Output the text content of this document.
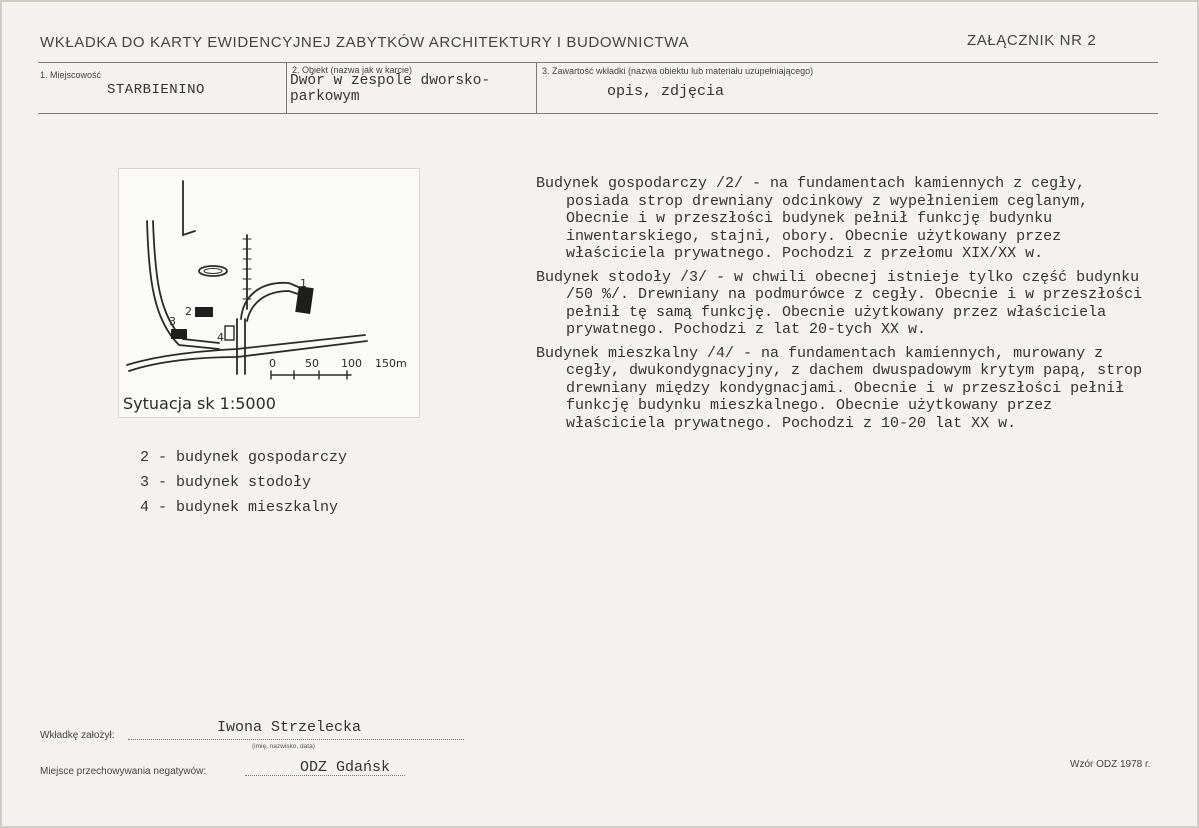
WKŁADKA DO KARTY EWIDENCYJNEJ ZABYTKÓW ARCHITEKTURY I BUDOWNICTWA	ZAŁĄCZNIK NR 2
1. Miejscowość
STARBIENINO
2. Obiekt (nazwa jak w karcie)
Dwór w zespole dworsko-parkowym
3. Zawartość wkładki (nazwa obiektu lub materiału uzupełniającego)
opis, zdjęcia
1
2
3
4
0	50 100 150m
Sytuacja sk 1:5000
2 - budynek gospodarczy
3 - budynek stodoły
4 - budynek mieszkalny

Budynek gospodarczy /2/ - na fundamentach kamiennych z cegły, posiada strop drewniany odcinkowy z wypełnieniem ceglanym, Obecnie i w przeszłości budynek pełnił funkcję budynku inwentarskiego, stajni, obory. Obecnie użytkowany przez właściciela prywatnego. Pochodzi z przełomu XIX/XX w.

Budynek stodoły /3/ - w chwili obecnej istnieje tylko część budynku /50 %/. Drewniany na podmurówce z cegły. Obecnie i w przeszłości pełnił tę samą funkcję. Obecnie użytkowany przez właściciela prywatnego. Pochodzi z lat 20-tych XX w.

Budynek mieszkalny /4/ - na fundamentach kamiennych, murowany z cegły, dwukondygnacyjny, z dachem dwuspadowym krytym papą, strop drewniany między kondygnacjami. Obecnie i w przeszłości pełnił funkcję budynku mieszkalnego. Obecnie użytkowany przez właściciela prywatnego. Pochodzi z 10-20 lat XX w.

Wkładkę założył:	Iwona Strzelecka
(imię, nazwisko, data)
Miejsce przechowywania negatywów:	ODZ Gdańsk	Wzór ODZ 1978 r.
